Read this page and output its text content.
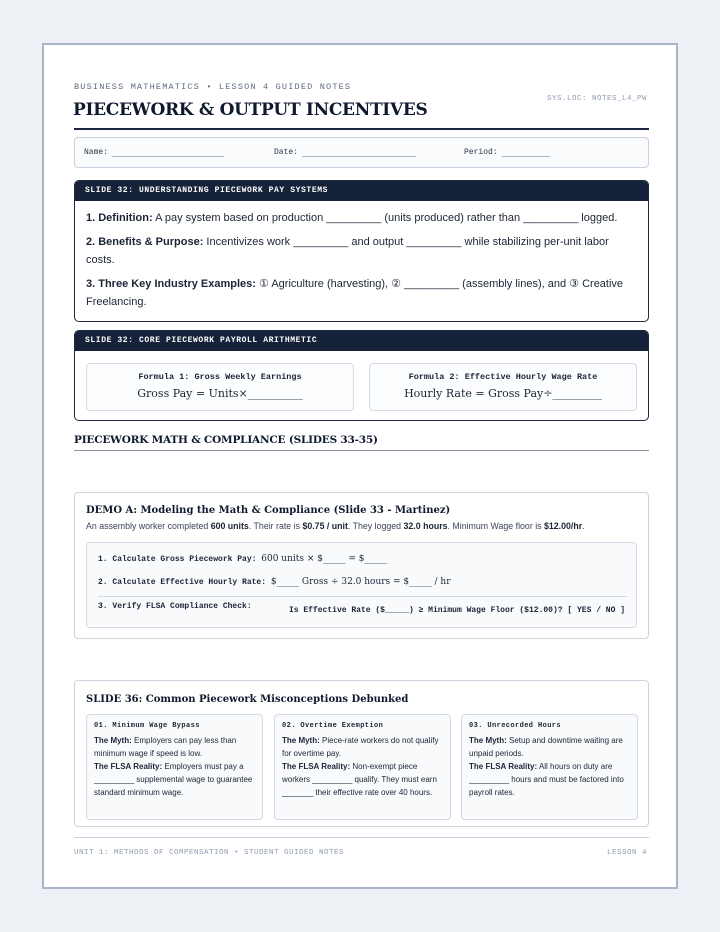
BUSINESS MATHEMATICS • LESSON 4 GUIDED NOTES
PIECEWORK & OUTPUT INCENTIVES
SYS.LOC: NOTES_L4_PW
Name:	Date:	Period:
SLIDE 32: UNDERSTANDING PIECEWORK PAY SYSTEMS

1. Definition: A pay system based on production _________ (units produced) rather than _________ logged.

2. Benefits & Purpose: Incentivizes work _________ and output _________ while stabilizing per-unit labor costs.

3. Three Key Industry Examples: ① Agriculture (harvesting), ② _________ (assembly lines), and ③ Creative Freelancing.

SLIDE 32: CORE PIECEWORK PAYROLL ARITHMETIC
Formula 1: Gross Weekly Earnings
Gross Pay = Units×__________
Formula 2: Effective Hourly Wage Rate
Hourly Rate = Gross Pay÷_________
PIECEWORK MATH & COMPLIANCE (SLIDES 33-35)
DEMO A: Modeling the Math & Compliance (Slide 33 - Martinez)
An assembly worker completed 600 units. Their rate is $0.75 / unit. They logged 32.0 hours. Minimum Wage floor is $12.00/hr.
1. Calculate Gross Piecework Pay: 600 units × $_____ = $_____
2. Calculate Effective Hourly Rate: $_____ Gross ÷ 32.0 hours = $_____ / hr
3. Verify FLSA Compliance Check:	Is Effective Rate ($_____) ≥ Minimum Wage Floor ($12.00)? [ YES / NO ]
SLIDE 36: Common Piecework Misconceptions Debunked
01. Minimum Wage Bypass
The Myth: Employers can pay less than minimum wage if speed is low.
The FLSA Reality: Employers must pay a _________ supplemental wage to guarantee standard minimum wage.
02. Overtime Exemption
The Myth: Piece-rate workers do not qualify for overtime pay.
The FLSA Reality: Non-exempt piece workers _________ qualify. They must earn _______ their effective rate over 40 hours.
03. Unrecorded Hours
The Myth: Setup and downtime waiting are unpaid periods.
The FLSA Reality: All hours on duty are _________ hours and must be factored into payroll rates.
UNIT 1: METHODS OF COMPENSATION • STUDENT GUIDED NOTES	LESSON 4
